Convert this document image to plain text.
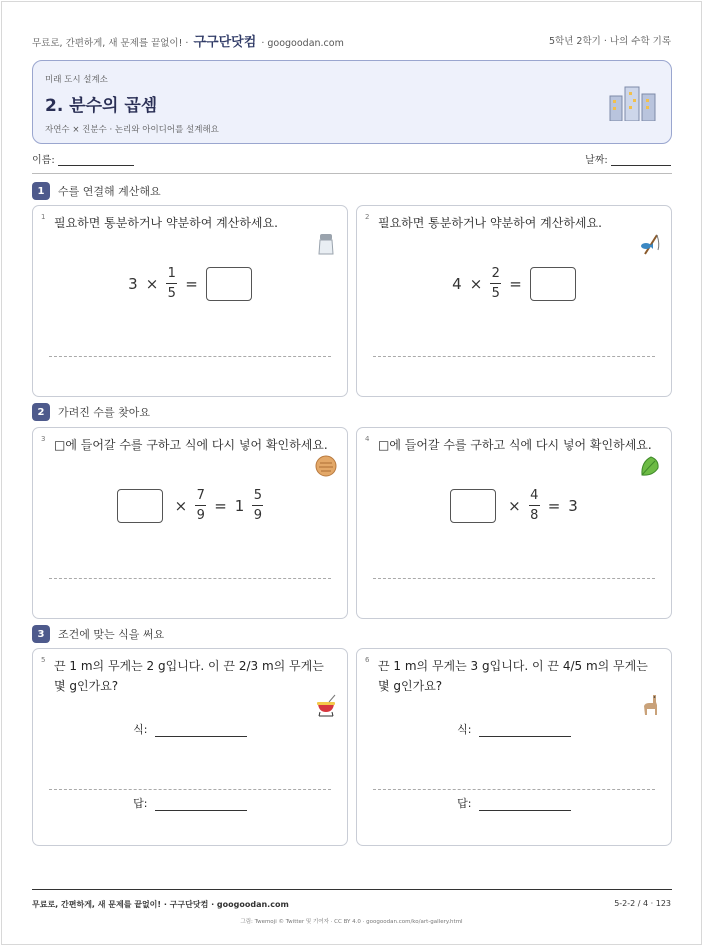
무료로, 간편하게, 새 문제를 끝없이! · 구구단닷컴 · googoodan.com	5학년 2학기 · 나의 수학 기록
미래 도시 설계소
2. 분수의 곱셈
자연수 × 진분수 · 논리와 아이디어를 설계해요
이름:	날짜:
1	수를 연결해 계산해요
1 필요하면 통분하거나 약분하여 계산하세요.
$3 \times \frac{1}{5}$ =
2 필요하면 통분하거나 약분하여 계산하세요.
$4 \times \frac{2}{5}$ =
2	가려진 수를 찾아요
3 □에 들어갈 수를 구하고 식에 다시 넣어 확인하세요.
× $\frac{7}{9} = 1 \frac{5}{9}$
4 □에 들어갈 수를 구하고 식에 다시 넣어 확인하세요.
× $\frac{4}{8} = 3$
3	조건에 맞는 식을 써요
5 끈 1 m의 무게는 2 g입니다. 이 끈 2/3 m의 무게는 몇 g인가요?
식:
답:
6 끈 1 m의 무게는 3 g입니다. 이 끈 4/5 m의 무게는 몇 g인가요?
식:
답:
무료로, 간편하게, 새 문제를 끝없이! · 구구단닷컴 · googoodan.com	5-2-2 / 4 · 123
그림: Twemoji © Twitter 및 기여자 · CC BY 4.0 · googoodan.com/ko/art-gallery.html
